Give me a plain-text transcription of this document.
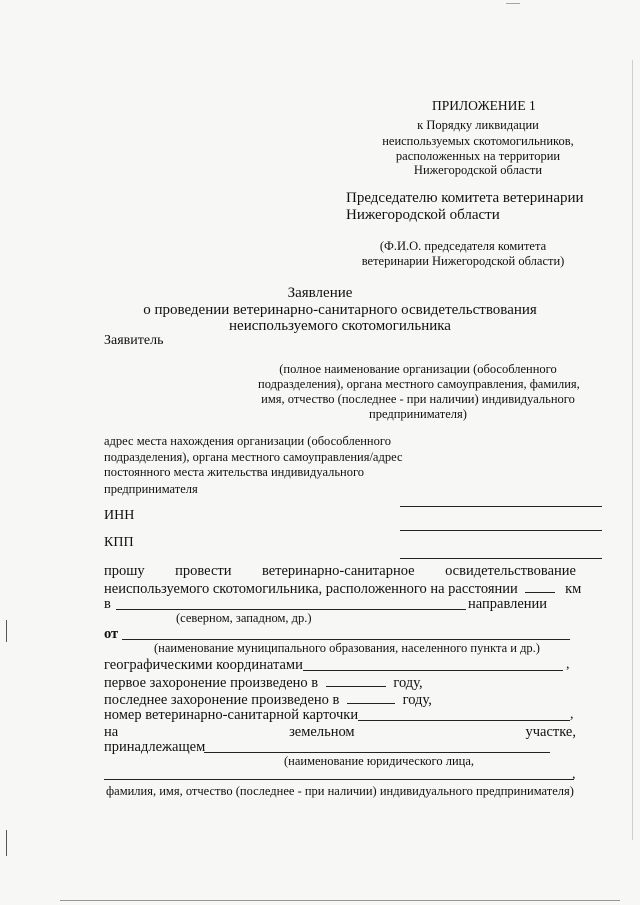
ПРИЛОЖЕНИЕ 1
к Порядку ликвидации
неиспользуемых скотомогильников,
расположенных на территории
Нижегородской области
Председателю комитета ветеринарии
Нижегородской области
(Ф.И.О. председателя комитета
ветеринарии Нижегородской области)
Заявление
о проведении ветеринарно-санитарного освидетельствования
неиспользуемого скотомогильника
Заявитель
(полное наименование организации (обособленного
подразделения), органа местного самоуправления, фамилия,
имя, отчество (последнее - при наличии) индивидуального
предпринимателя)
адрес места нахождения организации (обособленного
подразделения), органа местного самоуправления/адрес
постоянного места жительства индивидуального
предпринимателя
ИНН
КПП
прошу провести ветеринарно-санитарное освидетельствование
неиспользуемого скотомогильника, расположенного на расстоянии	км
в	направлении
(северном, западном, др.)
от
(наименование муниципального образования, населенного пункта и др.)
географическими координатами	,
первое захоронение произведено в	году,
последнее захоронение произведено в	году,
номер ветеринарно-санитарной карточки	,
на	земельном	участке,
принадлежащем
(наименование юридического лица,
,
фамилия, имя, отчество (последнее - при наличии) индивидуального предпринимателя)
